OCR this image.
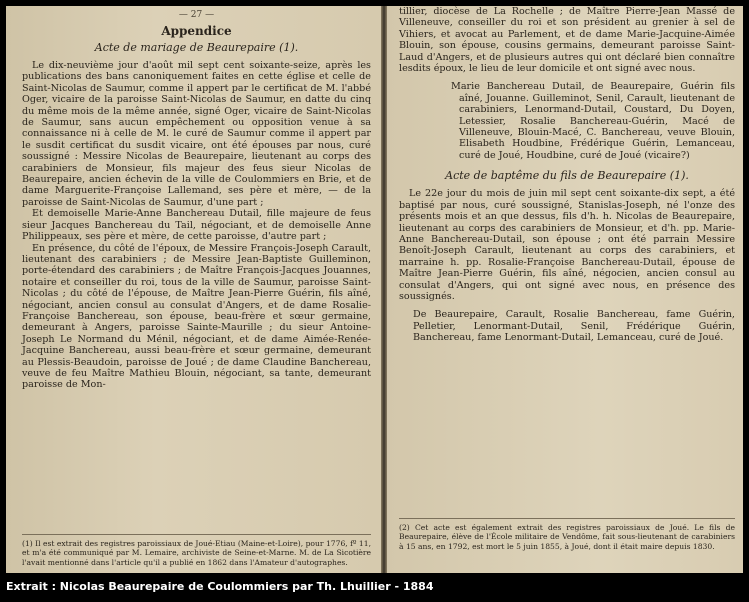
— 27 —
Appendice
Acte de mariage de Beaurepaire (1).

Le dix-neuvième jour d'août mil sept cent soixante-seize, après les publications des bans canoniquement faites en cette église et celle de Saint-Nicolas de Saumur, comme il appert par le certificat de M. l'abbé Oger, vicaire de la paroisse Saint-Nicolas de Saumur, en datte du cinq du même mois de la même année, signé Oger, vicaire de Saint-Nicolas de Saumur, sans aucun empêchement ou opposition venue à sa connaissance ni à celle de M. le curé de Saumur comme il appert par le susdit certificat du susdit vicaire, ont été épouses par nous, curé soussigné : Messire Nicolas de Beaurepaire, lieutenant au corps des carabiniers de Monsieur, fils majeur des feus sieur Nicolas de Beaurepaire, ancien échevin de la ville de Coulommiers en Brie, et de dame Marguerite-Françoise Lallemand, ses père et mère, — de la paroisse de Saint-Nicolas de Saumur, d'une part ;

Et demoiselle Marie-Anne Banchereau Dutail, fille majeure de feus sieur Jacques Banchereau du Tail, négociant, et de demoiselle Anne Philippeaux, ses père et mère, de cette paroisse, d'autre part ;

En présence, du côté de l'époux, de Messire François-Joseph Carault, lieutenant des carabiniers ; de Messire Jean-Baptiste Guilleminon, porte-étendard des carabiniers ; de Maître François-Jacques Jouannes, notaire et conseiller du roi, tous de la ville de Saumur, paroisse Saint-Nicolas ; du côté de l'épouse, de Maître Jean-Pierre Guérin, fils aîné, négociant, ancien consul au consulat d'Angers, et de dame Rosalie-Françoise Banchereau, son épouse, beau-frère et sœur germaine, demeurant à Angers, paroisse Sainte-Maurille ; du sieur Antoine-Joseph Le Normand du Ménil, négociant, et de dame Aimée-Renée-Jacquine Banchereau, aussi beau-frère et sœur germaine, demeurant au Plessis-Beaudoin, paroisse de Joué ; de dame Claudine Banchereau, veuve de feu Maître Mathieu Blouin, négociant, sa tante, demeurant paroisse de Mon-

(1) Il est extrait des registres paroissiaux de Joué-Etiau (Maine-et-Loire), pour 1776, fº 11, et m'a été communiqué par M. Lemaire, archiviste de Seine-et-Marne. M. de La Sicotière l'avait mentionné dans l'article qu'il a publié en 1862 dans l'Amateur d'autographes.

tillier, diocèse de La Rochelle ; de Maître Pierre-Jean Massé de Villeneuve, conseiller du roi et son président au grenier à sel de Vihiers, et avocat au Parlement, et de dame Marie-Jacquine-Aimée Blouin, son épouse, cousins germains, demeurant paroisse Saint-Laud d'Angers, et de plusieurs autres qui ont déclaré bien connaître lesdits époux, le lieu de leur domicile et ont signé avec nous.

Marie Banchereau Dutail, de Beaurepaire, Guérin fils aîné, Jouanne. Guilleminot, Senil, Carault, lieutenant de carabiniers, Lenormand-Dutail, Coustard, Du Doyen, Letessier, Rosalie Banchereau-Guérin, Macé de Villeneuve, Blouin-Macé, C. Banchereau, veuve Blouin, Elisabeth Houdbine, Frédérique Guérin, Lemanceau, curé de Joué, Houdbine, curé de Joué (vicaire?)
Acte de baptême du fils de Beaurepaire (1).

Le 22e jour du mois de juin mil sept cent soixante-dix sept, a été baptisé par nous, curé soussigné, Stanislas-Joseph, né l'onze des présents mois et an que dessus, fils d'h. h. Nicolas de Beaurepaire, lieutenant au corps des carabiniers de Monsieur, et d'h. pp. Marie-Anne Banchereau-Dutail, son épouse ; ont été parrain Messire Benoît-Joseph Carault, lieutenant au corps des carabiniers, et marraine h. pp. Rosalie-Françoise Banchereau-Dutail, épouse de Maître Jean-Pierre Guérin, fils aîné, négocien, ancien consul au consulat d'Angers, qui ont signé avec nous, en présence des soussignés.

De Beaurepaire, Carault, Rosalie Banchereau, fame Guérin, Pelletier, Lenormant-Dutail, Senil, Frédérique Guérin, Banchereau, fame Lenormant-Dutail, Lemanceau, curé de Joué.
(2) Cet acte est également extrait des registres paroissiaux de Joué. Le fils de Beaurepaire, élève de l'École militaire de Vendôme, fait sous-lieutenant de carabiniers à 15 ans, en 1792, est mort le 5 juin 1855, à Joué, dont il était maire depuis 1830.
Extrait : Nicolas Beaurepaire de Coulommiers par Th. Lhuillier - 1884
